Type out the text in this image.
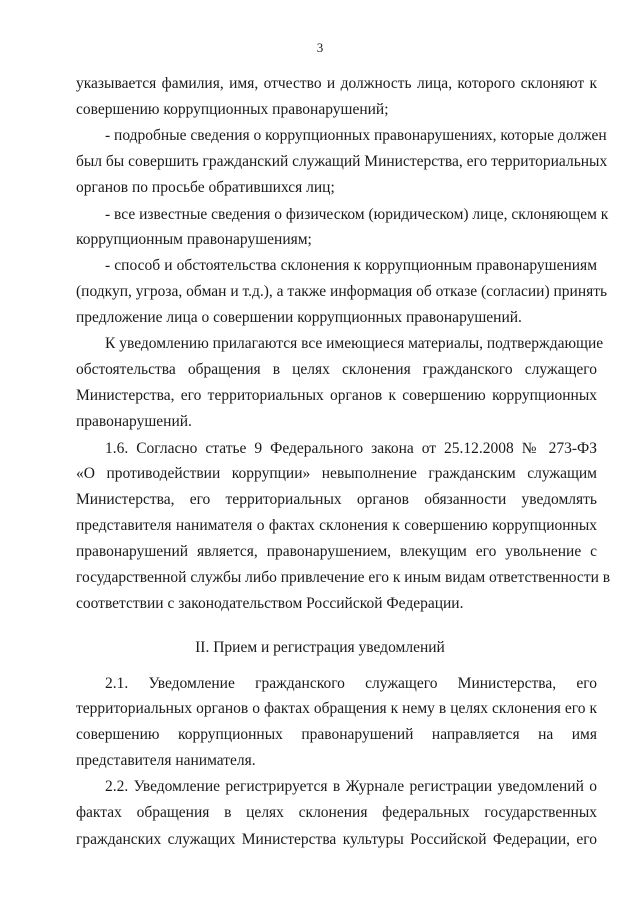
3
указывается фамилия, имя, отчество и должность лица, которого склоняют к
совершению коррупционных правонарушений;
- подробные сведения о коррупционных правонарушениях, которые должен
был бы совершить гражданский служащий Министерства, его территориальных
органов по просьбе обратившихся лиц;
- все известные сведения о физическом (юридическом) лице, склоняющем к
коррупционным правонарушениям;
- способ и обстоятельства склонения к коррупционным правонарушениям
(подкуп, угроза, обман и т.д.), а также информация об отказе (согласии) принять
предложение лица о совершении коррупционных правонарушений.
К уведомлению прилагаются все имеющиеся материалы, подтверждающие
обстоятельства обращения в целях склонения гражданского служащего
Министерства, его территориальных органов к совершению коррупционных
правонарушений.
1.6. Согласно статье 9 Федерального закона от 25.12.2008 № 273-ФЗ
«О противодействии коррупции» невыполнение гражданским служащим
Министерства, его территориальных органов обязанности уведомлять
представителя нанимателя о фактах склонения к совершению коррупционных
правонарушений является, правонарушением, влекущим его увольнение с
государственной службы либо привлечение его к иным видам ответственности в
соответствии с законодательством Российской Федерации.
II. Прием и регистрация уведомлений
2.1. Уведомление гражданского служащего Министерства, его
территориальных органов о фактах обращения к нему в целях склонения его к
совершению коррупционных правонарушений направляется на имя
представителя нанимателя.
2.2. Уведомление регистрируется в Журнале регистрации уведомлений о
фактах обращения в целях склонения федеральных государственных
гражданских служащих Министерства культуры Российской Федерации, его
